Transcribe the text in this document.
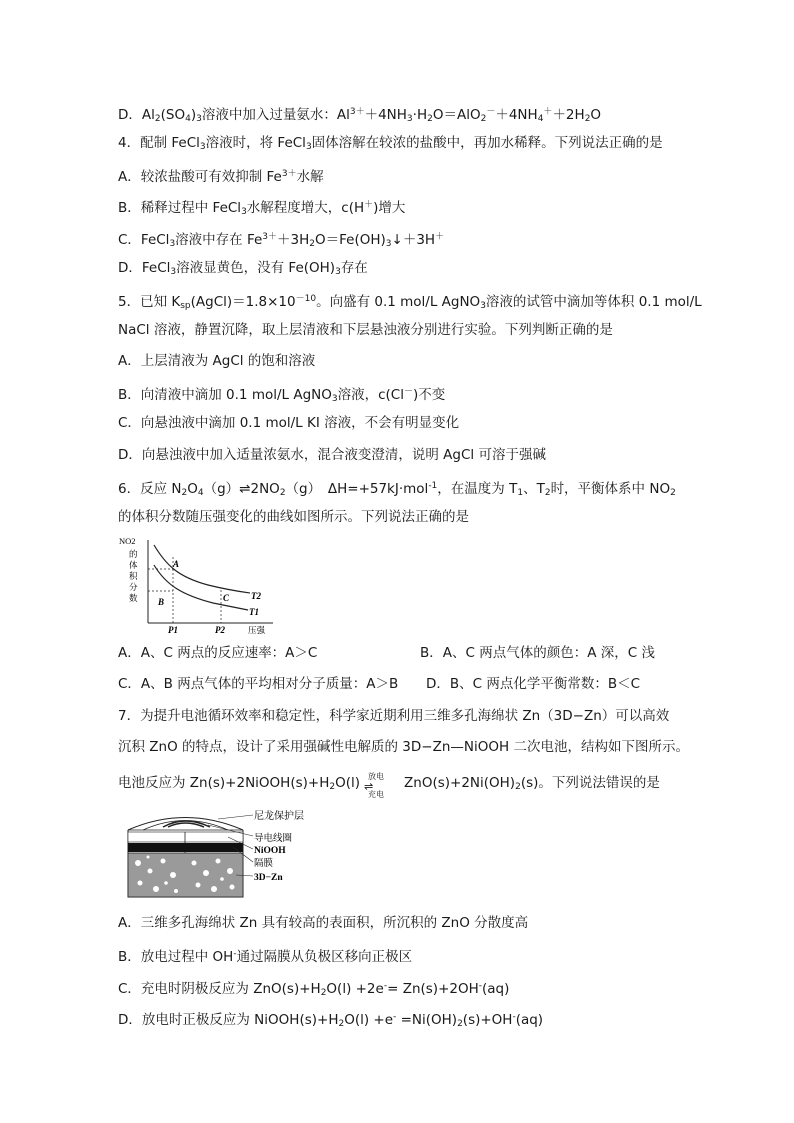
D．$Al_2(SO_4)_3$溶液中加入过量氨水：$Al^{3+}+4NH_3\cdot H_2O=AlO_2^-+4NH_4^++2H_2O$
4．配制 FeCl$_3$溶液时，将 FeCl$_3$固体溶解在较浓的盐酸中，再加水稀释。下列说法正确的是
A．较浓盐酸可有效抑制 $Fe^{3+}$水解
B．稀释过程中 FeCl$_3$水解程度增大，c(H＋)增大
C．FeCl$_3$溶液中存在 $Fe^{3+}+3H_2O=Fe(OH)_3↓+3H^+$
D．FeCl$_3$溶液显黄色，没有 $Fe(OH)_3$存在
5．已知 $K_{sp}(AgCl)=1.8\times 10^{-10}$。向盛有 0.1 mol/L AgNO$_3$溶液的试管中滴加等体积 0.1 mol/L
NaCl 溶液，静置沉降，取上层清液和下层悬浊液分别进行实验。下列判断正确的是
A．上层清液为 AgCl 的饱和溶液
B．向清液中滴加 0.1 mol/L AgNO$_3$溶液，c(Cl－)不变
C．向悬浊液中滴加 0.1 mol/L KI 溶液，不会有明显变化
D．向悬浊液中加入适量浓氨水，混合液变澄清，说明 AgCl 可溶于强碱
6．反应 $N_2O_4(g)\rightleftharpoons 2NO_2(g)$　ΔH=+57kJ·mol$^{-1}$，在温度为 $T_1$、$T_2$时，平衡体系中 $NO_2$
的体积分数随压强变化的曲线如图所示。下列说法正确的是
NO2
的
体
积
分
数
A
B	C T2
T1
P1	P2	压强
A．A、C 两点的反应速率：A＞C	B．A、C 两点气体的颜色：A 深，C 浅
C．A、B 两点气体的平均相对分子质量：A＞B D．B、C 两点化学平衡常数：B＜C
7．为提升电池循环效率和稳定性，科学家近期利用三维多孔海绵状 Zn（3D−Zn）可以高效
沉积 ZnO 的特点，设计了采用强碱性电解质的 3D−Zn—NiOOH 二次电池，结构如下图所示。
电池反应为 $Zn(s)+2NiOOH(s)+H_2O(l)$ 放电
⇌
充电
$ZnO(s)+2Ni(OH)_2(s)$。下列说法错误的是
尼龙保护层
导电线圈
NiOOH
隔膜
3D−Zn
A．三维多孔海绵状 Zn 具有较高的表面积，所沉积的 ZnO 分散度高
B．放电过程中 OH-通过隔膜从负极区移向正极区
C．充电时阴极反应为 $ZnO(s)+H_2O(l) +2e^-= Zn(s)+2OH^-(aq)$
D．放电时正极反应为 $NiOOH(s)+H_2O(l) +e^- =Ni(OH)_2(s)+OH^-(aq)$
